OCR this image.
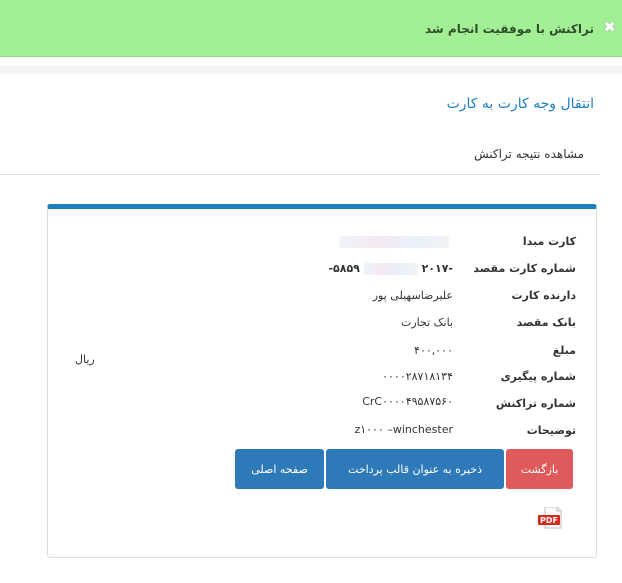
✖
تراکنش با موفقیت انجام شد
انتقال وجه کارت به کارت
مشاهده نتیجه تراکنش
کارت مبدا
شماره کارت مقصد
-۲۰۱۷  ۵۸۵۹-
دارنده کارت
علیرضاسهیلی پور
بانک مقصد
بانک تجارت
مبلغ
۴۰۰,۰۰۰
ریال
شماره پیگیری
۰۰۰۰۲۸۷۱۸۱۳۴
شماره تراکنش
CrC۰۰۰۰۴۹۵۸۷۵۶۰
توضیحات
z۱۰۰۰ –winchester
بازگشت
ذخیره به عنوان قالب پرداخت
صفحه اصلی
PDF
